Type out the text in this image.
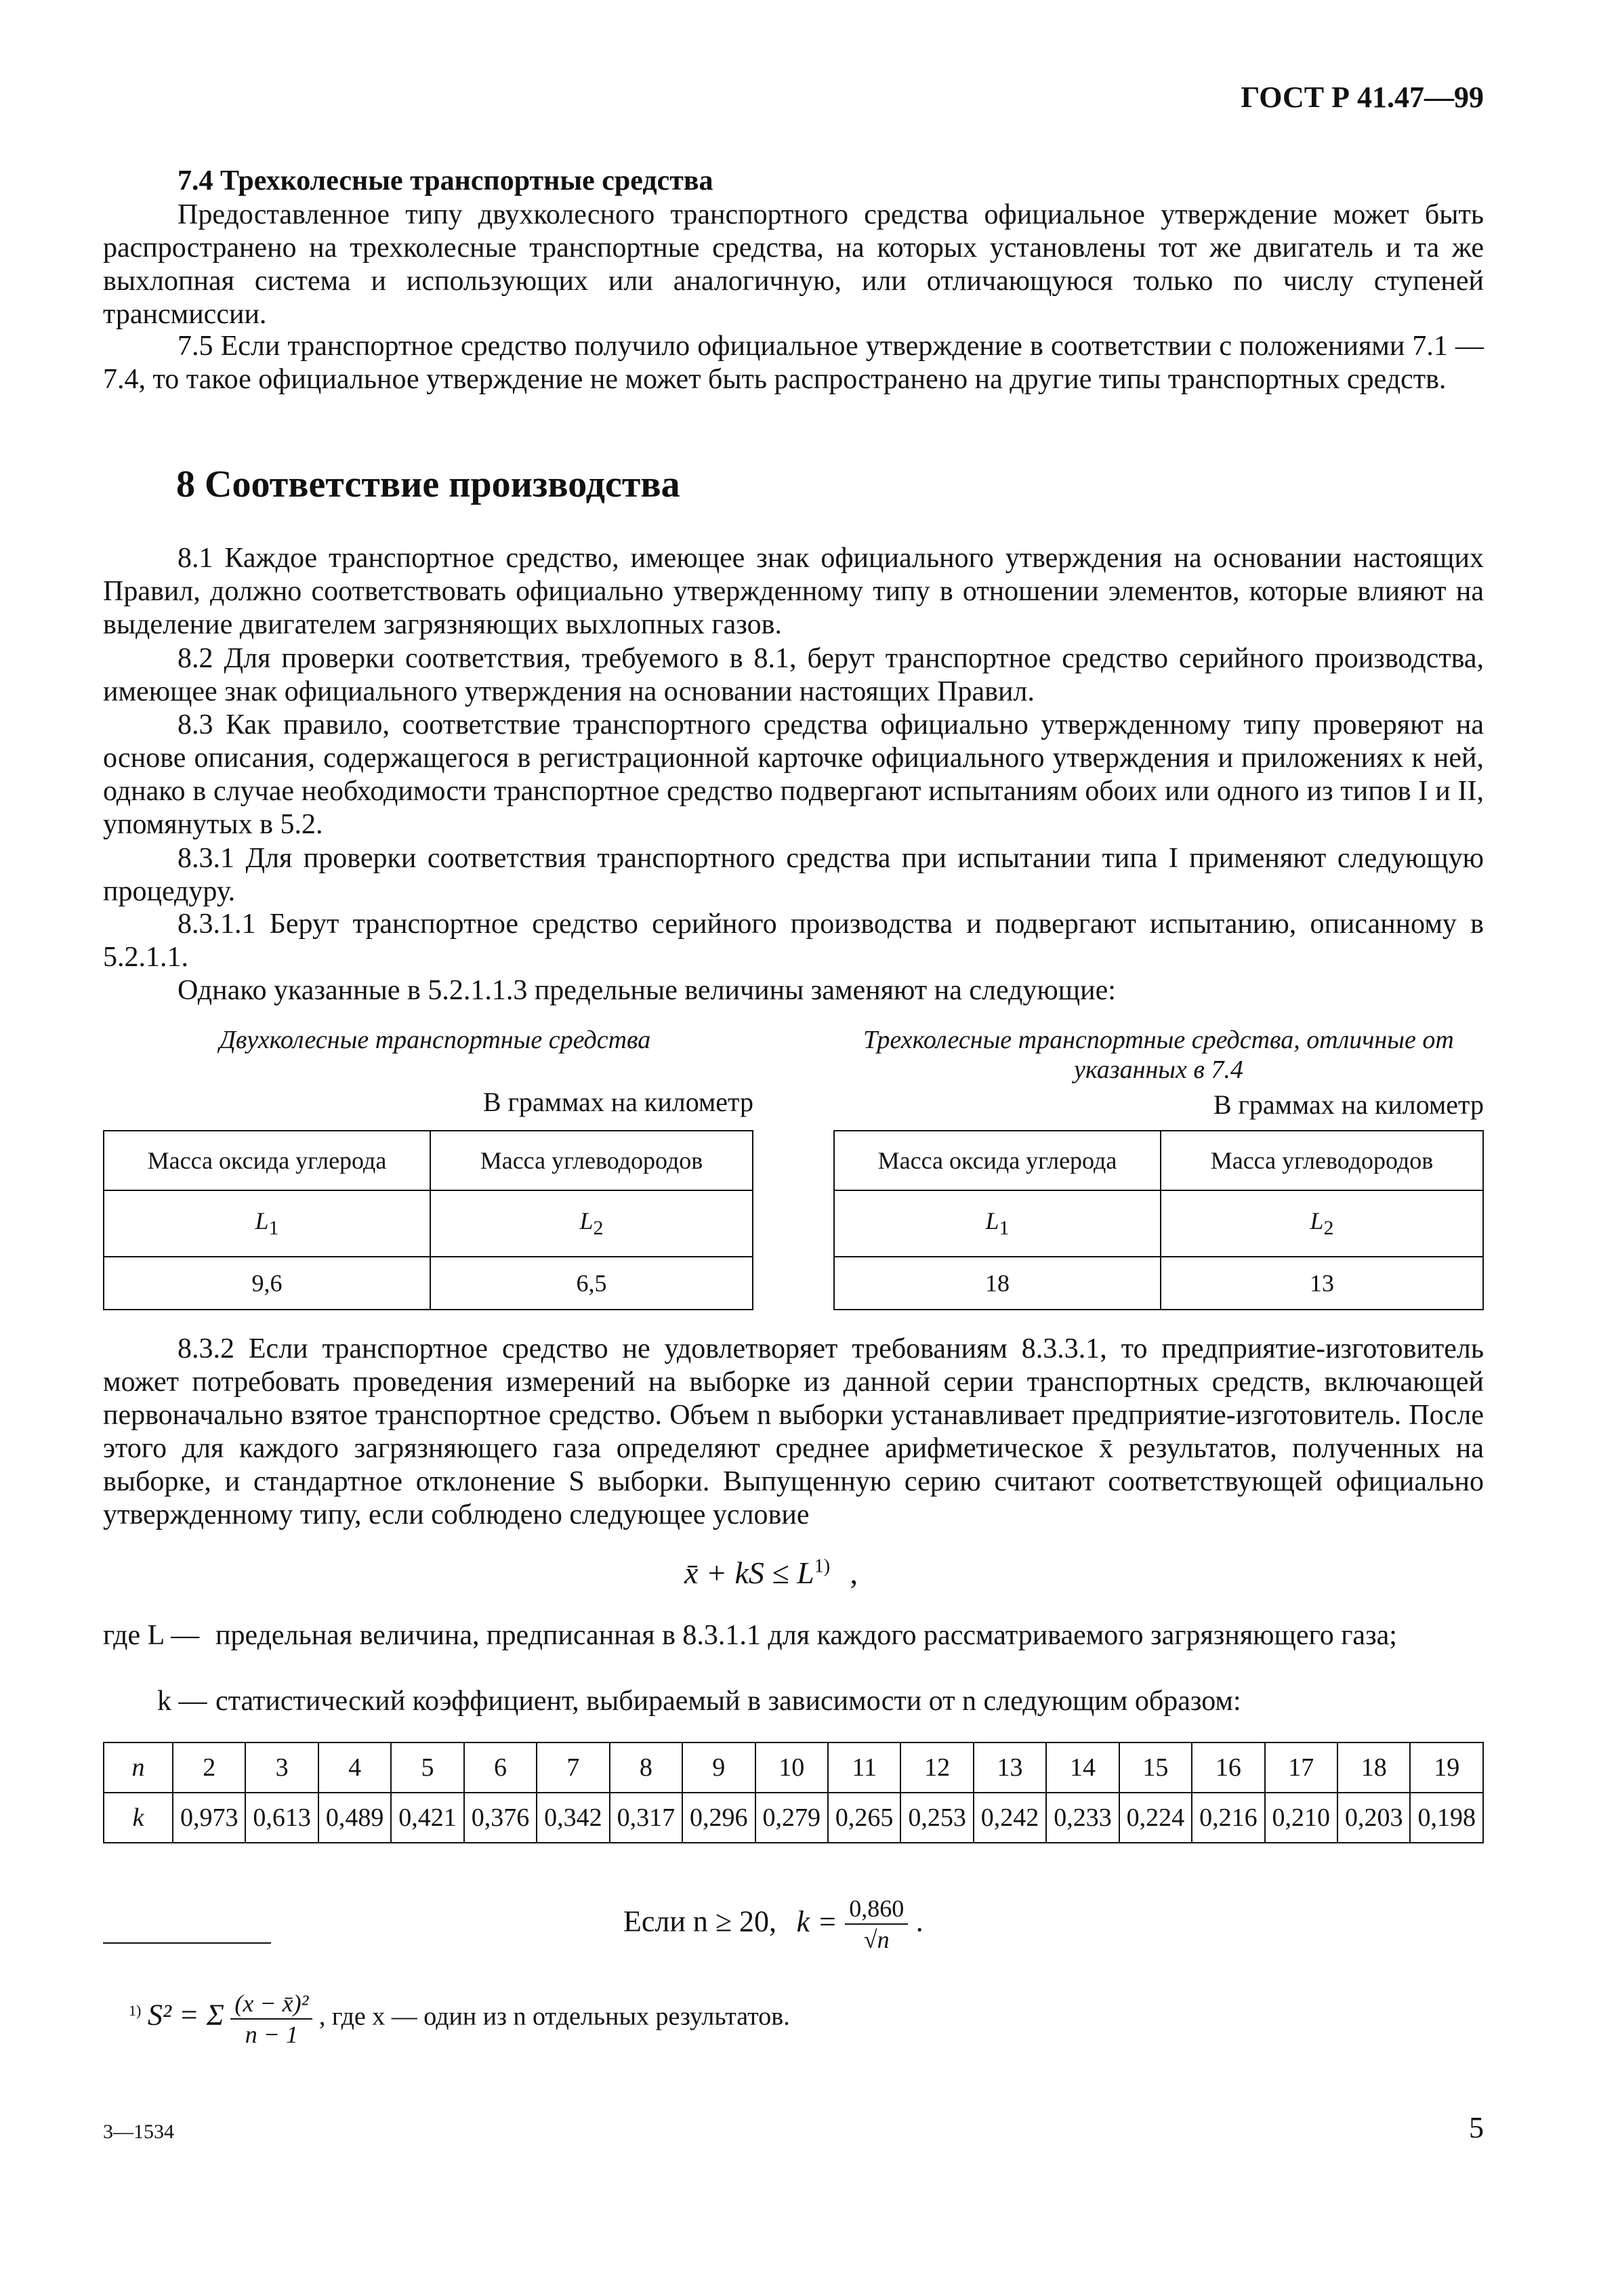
ГОСТ Р 41.47—99
7.4 Трехколесные транспортные средства

Предоставленное типу двухколесного транспортного средства официальное утверждение может быть распространено на трехколесные транспортные средства, на которых установлены тот же двигатель и та же выхлопная система и использующих или аналогичную, или отличающуюся только по числу ступеней трансмиссии.

7.5 Если транспортное средство получило официальное утверждение в соответствии с положениями 7.1 — 7.4, то такое официальное утверждение не может быть распространено на другие типы транспортных средств.

8 Соответствие производства

8.1 Каждое транспортное средство, имеющее знак официального утверждения на основании настоящих Правил, должно соответствовать официально утвержденному типу в отношении элементов, которые влияют на выделение двигателем загрязняющих выхлопных газов.

8.2 Для проверки соответствия, требуемого в 8.1, берут транспортное средство серийного производства, имеющее знак официального утверждения на основании настоящих Правил.

8.3 Как правило, соответствие транспортного средства официально утвержденному типу проверяют на основе описания, содержащегося в регистрационной карточке официального утверждения и приложениях к ней, однако в случае необходимости транспортное средство подвергают испытаниям обоих или одного из типов I и II, упомянутых в 5.2.

8.3.1 Для проверки соответствия транспортного средства при испытании типа I применяют следующую процедуру.

8.3.1.1 Берут транспортное средство серийного производства и подвергают испытанию, описанному в 5.2.1.1.

Однако указанные в 5.2.1.1.3 предельные величины заменяют на следующие:

Двухколесные транспортные средства
В граммах на километр
Масса оксида углерода	Масса углеводородов
$L_1$	$L_2$
9,6	6,5
Трехколесные транспортные средства, отличные от указанных в 7.4
В граммах на километр
Масса оксида углерода	Масса углеводородов
$L_1$	$L_2$
18	13

8.3.2 Если транспортное средство не удовлетворяет требованиям 8.3.3.1, то предприятие-изготовитель может потребовать проведения измерений на выборке из данной серии транспортных средств, включающей первоначально взятое транспортное средство. Объем n выборки устанавливает предприятие-изготовитель. После этого для каждого загрязняющего газа определяют среднее арифметическое x̄ результатов, полученных на выборке, и стандартное отклонение S выборки. Выпущенную серию считают соответствующей официально утвержденному типу, если соблюдено следующее условие

x̄ + kS ≤ $L^{1)}$ ,
где L — предельная величина, предписанная в 8.3.1.1 для каждого рассматриваемого загрязняющего газа;
k — статистический коэффициент, выбираемый в зависимости от n следующим образом:
n	2	3	4	5	6	7	8	9	10	11	12	13	14	15	16	17	18	19
k	0,973	0,613	0,489	0,421	0,376	0,342	0,317	0,296	0,279	0,265	0,253	0,242	0,233	0,224	0,216	0,210	0,203	0,198
Если n ≥ 20, $k = \frac{0,860}{√n}$ .
$^{1)}$ S² = Σ $\frac{\text{(x − x̄)²}}{n - 1}$ , где x — один из n отдельных результатов.
3—1534	5
